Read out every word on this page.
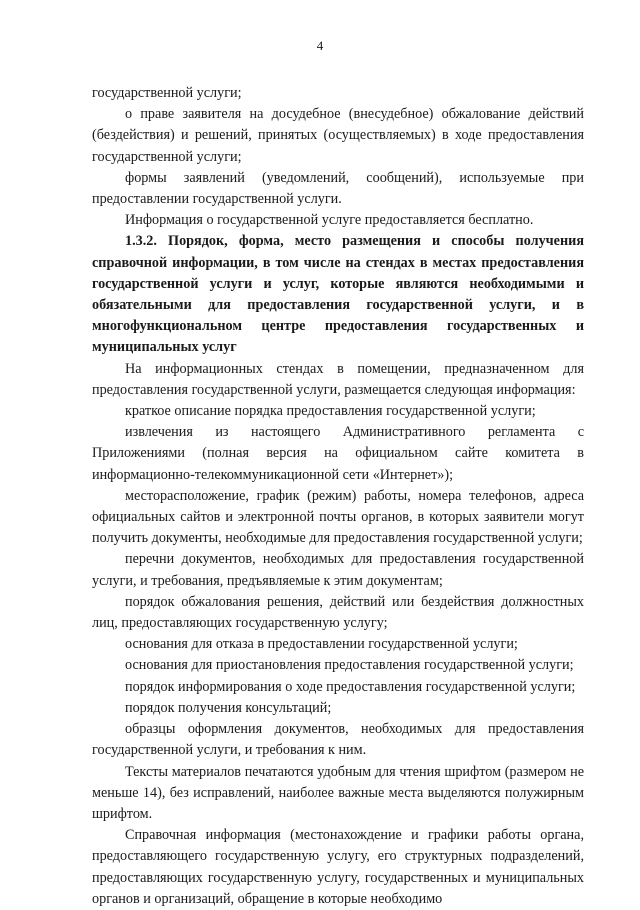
4

государственной услуги;

о праве заявителя на досудебное (внесудебное) обжалование действий (бездействия) и решений, принятых (осуществляемых) в ходе предоставления государственной услуги;

формы заявлений (уведомлений, сообщений), используемые при предоставлении государственной услуги.

Информация о государственной услуге предоставляется бесплатно.

1.3.2. Порядок, форма, место размещения и способы получения справочной информации, в том числе на стендах в местах предоставления государственной услуги и услуг, которые являются необходимыми и обязательными для предоставления государственной услуги, и в многофункциональном центре предоставления государственных и муниципальных услуг

На информационных стендах в помещении, предназначенном для предоставления государственной услуги, размещается следующая информация:

краткое описание порядка предоставления государственной услуги;

извлечения из настоящего Административного регламента с Приложениями (полная версия на официальном сайте комитета в информационно-телекоммуникационной сети «Интернет»);

месторасположение, график (режим) работы, номера телефонов, адреса официальных сайтов и электронной почты органов, в которых заявители могут получить документы, необходимые для предоставления государственной услуги;

перечни документов, необходимых для предоставления государственной услуги, и требования, предъявляемые к этим документам;

порядок обжалования решения, действий или бездействия должностных лиц, предоставляющих государственную услугу;

основания для отказа в предоставлении государственной услуги;

основания для приостановления предоставления государственной услуги;

порядок информирования о ходе предоставления государственной услуги;

порядок получения консультаций;

образцы оформления документов, необходимых для предоставления государственной услуги, и требования к ним.

Тексты материалов печатаются удобным для чтения шрифтом (размером не меньше 14), без исправлений, наиболее важные места выделяются полужирным шрифтом.

Справочная информация (местонахождение и графики работы органа, предоставляющего государственную услугу, его структурных подразделений, предоставляющих государственную услугу, государственных и муниципальных органов и организаций, обращение в которые необходимо
